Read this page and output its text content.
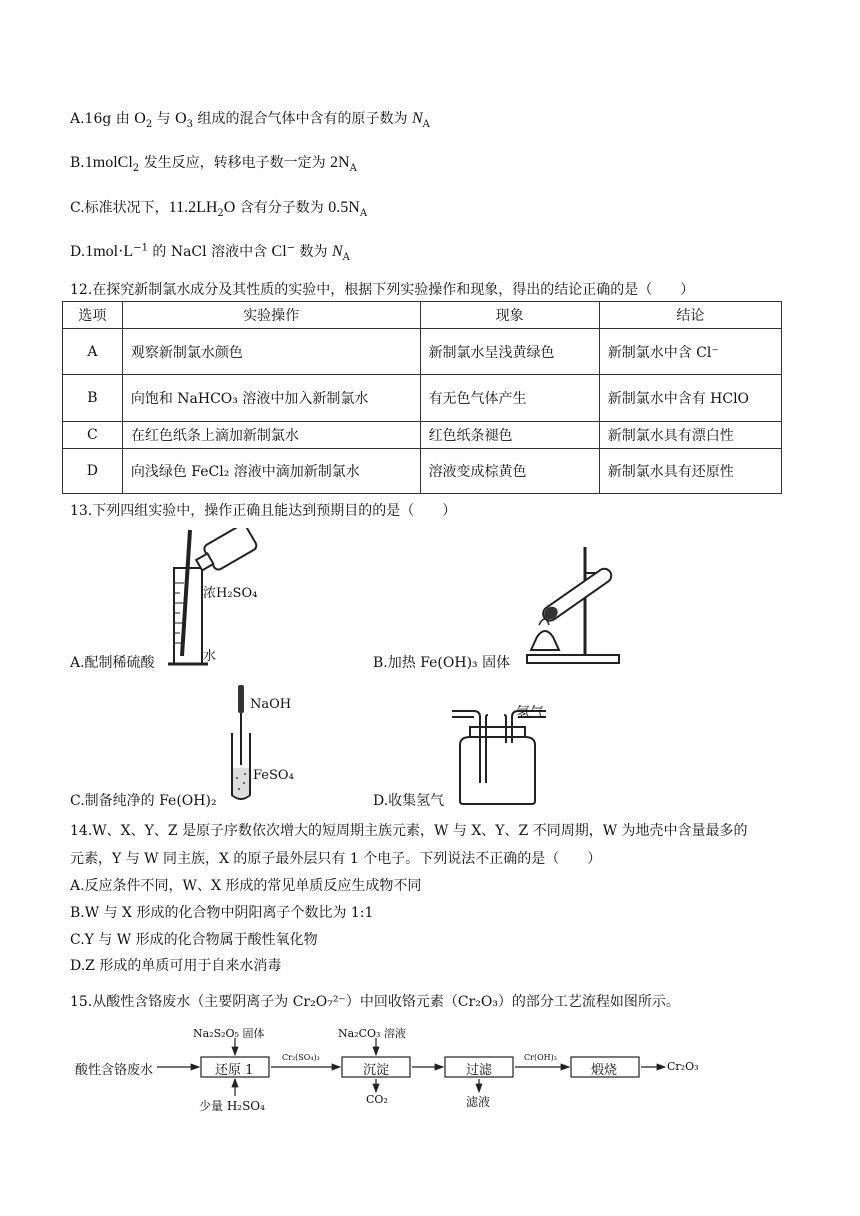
A.16g 由 $O_2$ 与 $O_3$ 组成的混合气体中含有的原子数为 $N_A$
B.1molCl$_2$ 发生反应，转移电子数一定为 $2N_A$
C.标准状况下，$11.2LH_2O$ 含有分子数为 $0.5N_A$
$D.1mol\cdot L^{-1}$ 的 NaCl 溶液中含 Cl− 数为 $N_A$
12.在探究新制氯水成分及其性质的实验中，根据下列实验操作和现象，得出的结论正确的是（　　）
选项	实验操作	现象	结论
A	观察新制氯水颜色	新制氯水呈浅黄绿色	新制氯水中含 Cl⁻
B	向饱和 NaHCO₃ 溶液中加入新制氯水	有无色气体产生	新制氯水中含有 HClO
C	在红色纸条上滴加新制氯水	红色纸条褪色	新制氯水具有漂白性
D	向浅绿色 FeCl₂ 溶液中滴加新制氯水	溶液变成棕黄色	新制氯水具有还原性
13.下列四组实验中，操作正确且能达到预期目的的是（　　）
浓H₂SO₄
水
A.配制稀硫酸	B.加热 Fe(OH)₃ 固体
NaOH
FeSO₄
C.制备纯净的 Fe(OH)₂
氢气
D.收集氢气
14.W、X、Y、Z 是原子序数依次增大的短周期主族元素，W 与 X、Y、Z 不同周期，W 为地壳中含量最多的
元素，Y 与 W 同主族，X 的原子最外层只有 1 个电子。下列说法不正确的是（　　）
A.反应条件不同，W、X 形成的常见单质反应生成物不同
B.W 与 X 形成的化合物中阴阳离子个数比为 1:1
C.Y 与 W 形成的化合物属于酸性氧化物
D.Z 形成的单质可用于自来水消毒
15.从酸性含铬废水（主要阴离子为 Cr₂O₇²⁻）中回收铬元素（Cr₂O₃）的部分工艺流程如图所示。
酸性含铬废水	还原 1
Na₂S₂O₅ 固体
少量 H₂SO₄
Cr₂(SO₄)₃
沉淀
Na₂CO₃ 溶液
CO₂
过滤
滤液
Cr(OH)₃
煅烧	Cr₂O₃
